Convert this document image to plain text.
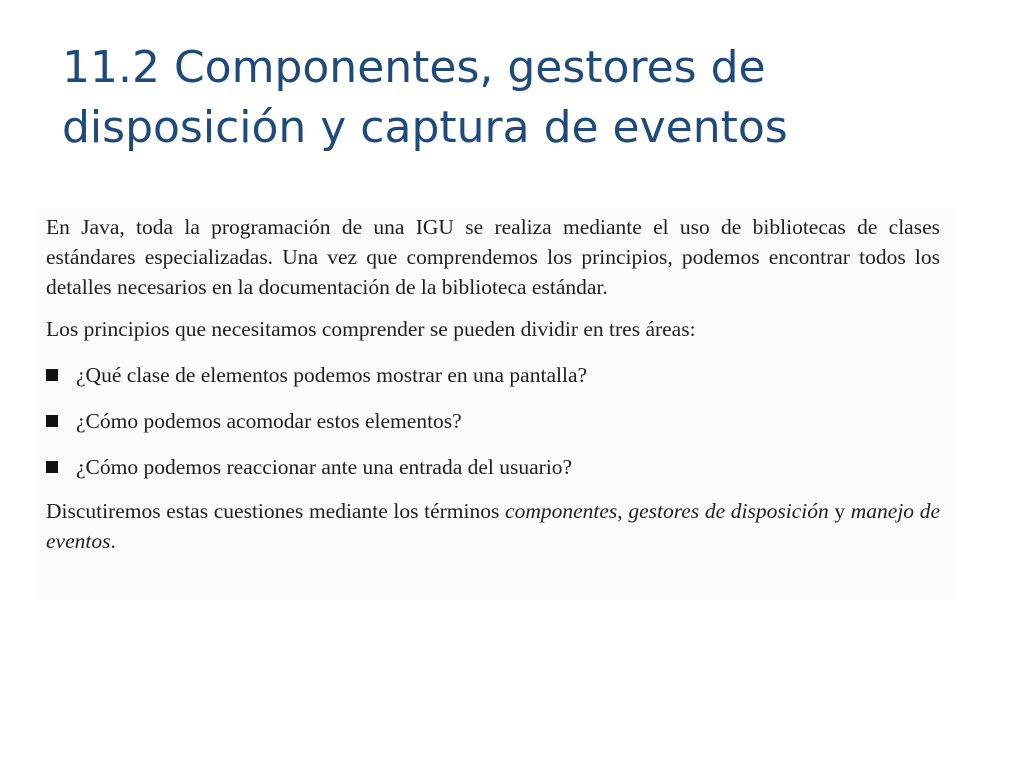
11.2 Componentes, gestores de
disposición y captura de eventos

En Java, toda la programación de una IGU se realiza mediante el uso de bibliotecas de clases estándares especializadas. Una vez que comprendemos los principios, podemos encontrar todos los detalles necesarios en la documentación de la biblioteca estándar.

Los principios que necesitamos comprender se pueden dividir en tres áreas:

¿Qué clase de elementos podemos mostrar en una pantalla?
¿Cómo podemos acomodar estos elementos?
¿Cómo podemos reaccionar ante una entrada del usuario?

Discutiremos estas cuestiones mediante los términos componentes, gestores de disposición y manejo de eventos.
